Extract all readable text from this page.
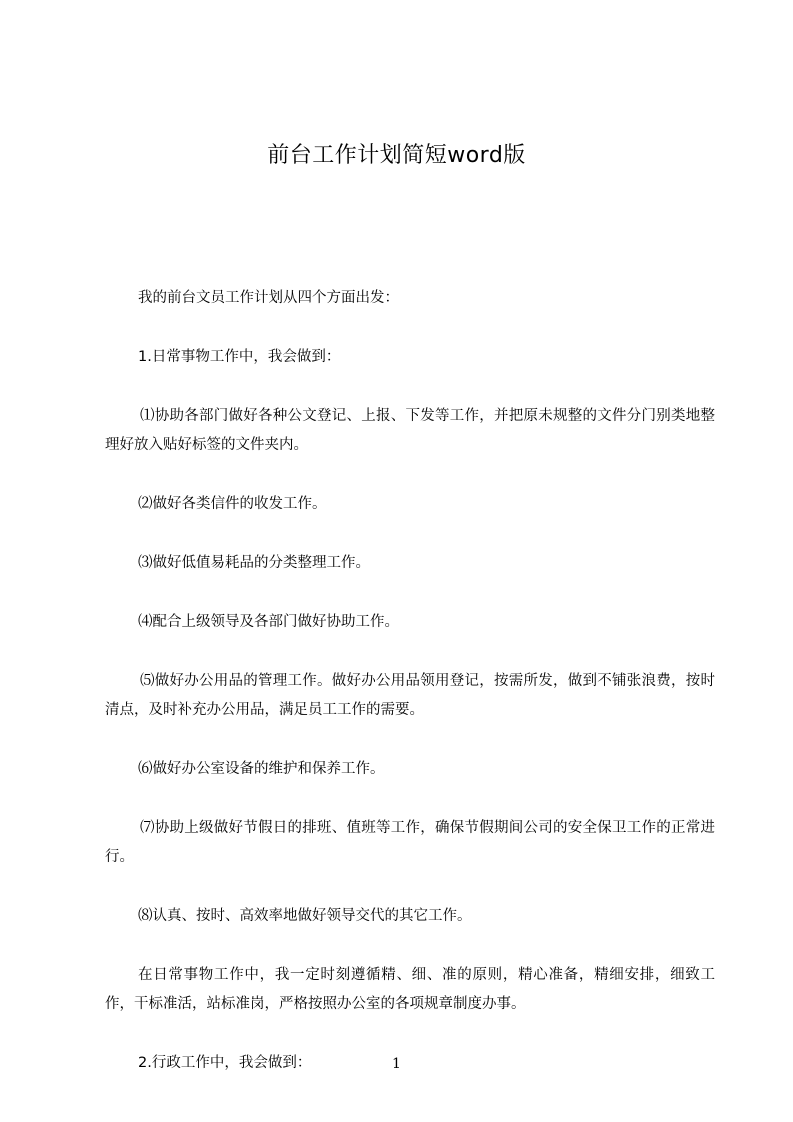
前台工作计划简短word版

我的前台文员工作计划从四个方面出发：

1.日常事物工作中，我会做到：

⑴协助各部门做好各种公文登记、上报、下发等工作，并把原未规整的文件分门别类地整理好放入贴好标签的文件夹内。

⑵做好各类信件的收发工作。

⑶做好低值易耗品的分类整理工作。

⑷配合上级领导及各部门做好协助工作。

⑸做好办公用品的管理工作。做好办公用品领用登记，按需所发，做到不铺张浪费，按时清点，及时补充办公用品，满足员工工作的需要。

⑹做好办公室设备的维护和保养工作。

⑺协助上级做好节假日的排班、值班等工作，确保节假期间公司的安全保卫工作的正常进行。

⑻认真、按时、高效率地做好领导交代的其它工作。

在日常事物工作中，我一定时刻遵循精、细、准的原则，精心准备，精细安排，细致工作，干标准活，站标准岗，严格按照办公室的各项规章制度办事。

2.行政工作中，我会做到：	1
